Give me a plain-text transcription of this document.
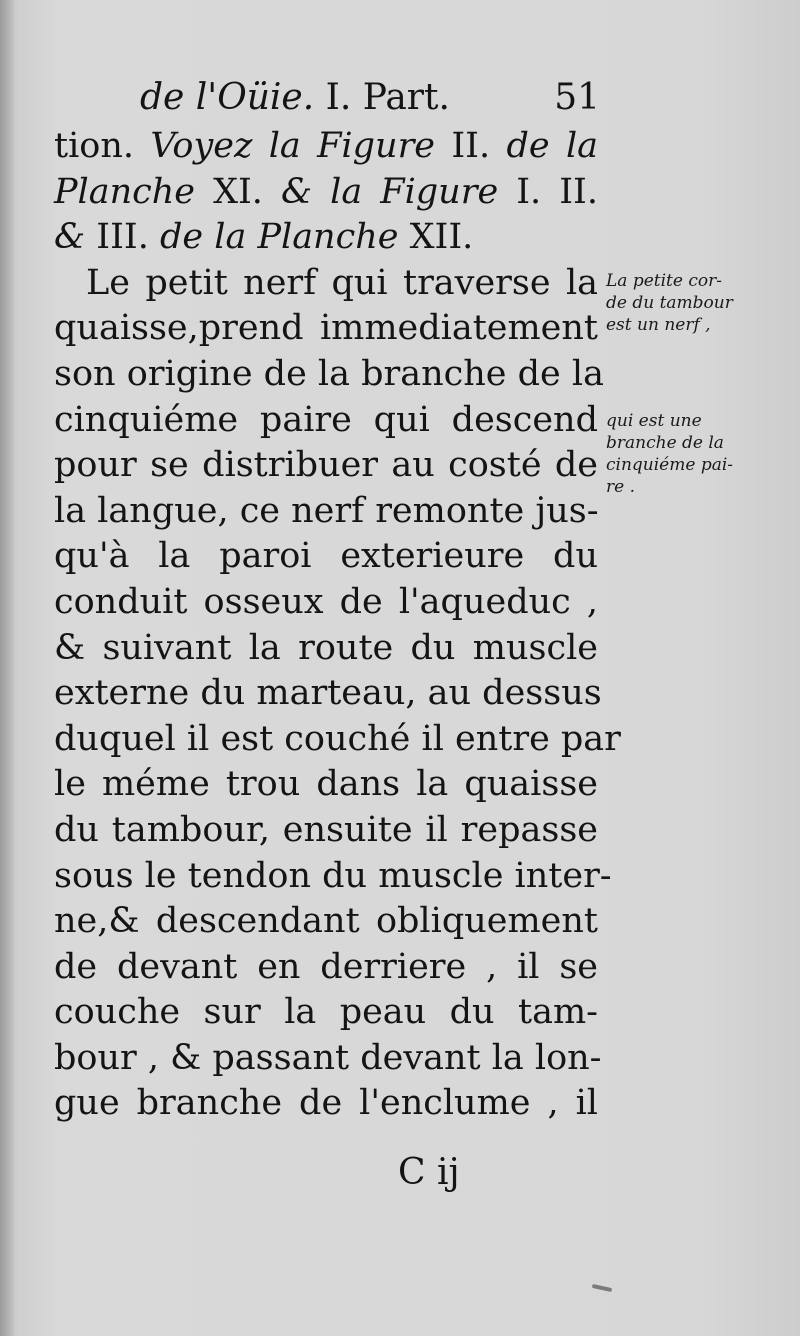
de l'Oüie. I. Part.	51
tion. Voyez la Figure II. de la
Planche XI. & la Figure I. II.
& III. de la Planche XII.
Le petit nerf qui traverse la
quaisse,prend immediatement
son origine de la branche de la
cinquiéme paire qui descend
pour se distribuer au costé de
la langue, ce nerf remonte jus-
qu'à la paroi exterieure du
conduit osseux de l'aqueduc ,
& suivant la route du muscle
externe du marteau, au dessus
duquel il est couché il entre par
le méme trou dans la quaisse
du tambour, ensuite il repasse
sous le tendon du muscle inter-
ne,& descendant obliquement
de devant en derriere , il se
couche sur la peau du tam-
bour , & passant devant la lon-
gue branche de l'enclume , il
La petite cor-
de du tambour
est un nerf ,
qui est une
branche de la
cinquiéme pai-
re .
C ij
